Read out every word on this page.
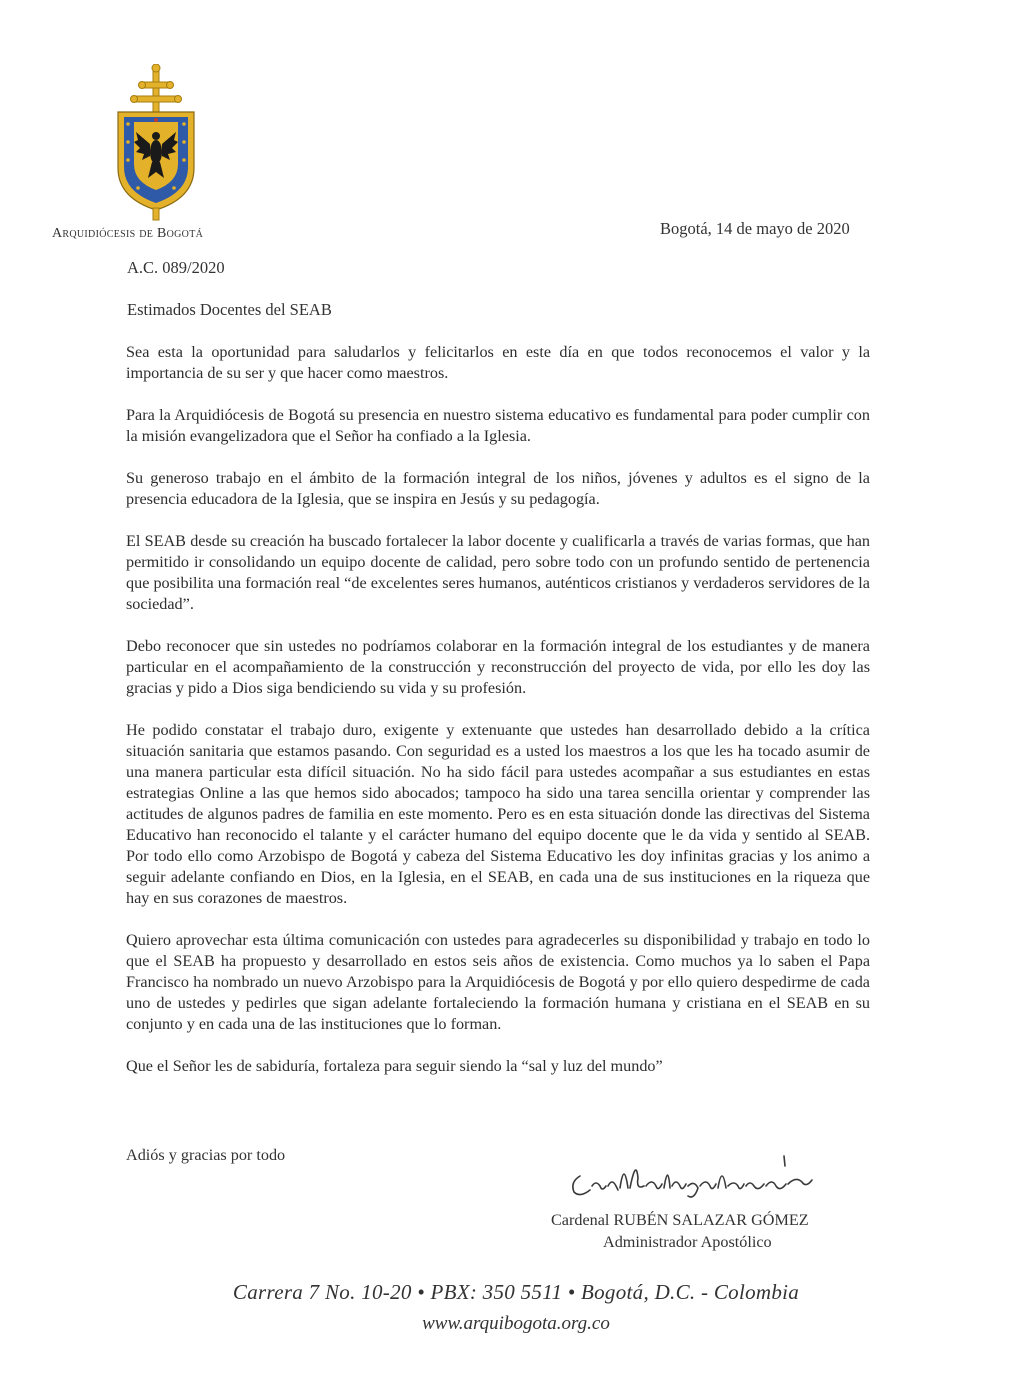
Arquidiócesis de Bogotá	Bogotá, 14 de mayo de 2020
A.C. 089/2020
Estimados Docentes del SEAB

Sea esta la oportunidad para saludarlos y felicitarlos en este día en que todos reconocemos el valor y la importancia de su ser y que hacer como maestros.

Para la Arquidiócesis de Bogotá su presencia en nuestro sistema educativo es fundamental para poder cumplir con la misión evangelizadora que el Señor ha confiado a la Iglesia.

Su generoso trabajo en el ámbito de la formación integral de los niños, jóvenes y adultos es el signo de la presencia educadora de la Iglesia, que se inspira en Jesús y su pedagogía.

El SEAB desde su creación ha buscado fortalecer la labor docente y cualificarla a través de varias formas, que han permitido ir consolidando un equipo docente de calidad, pero sobre todo con un profundo sentido de pertenencia que posibilita una formación real “de excelentes seres humanos, auténticos cristianos y verdaderos servidores de la sociedad”.

Debo reconocer que sin ustedes no podríamos colaborar en la formación integral de los estudiantes y de manera particular en el acompañamiento de la construcción y reconstrucción del proyecto de vida, por ello les doy las gracias y pido a Dios siga bendiciendo su vida y su profesión.

He podido constatar el trabajo duro, exigente y extenuante que ustedes han desarrollado debido a la crítica situación sanitaria que estamos pasando. Con seguridad es a usted los maestros a los que les ha tocado asumir de una manera particular esta difícil situación. No ha sido fácil para ustedes acompañar a sus estudiantes en estas estrategias Online a las que hemos sido abocados; tampoco ha sido una tarea sencilla orientar y comprender las actitudes de algunos padres de familia en este momento. Pero es en esta situación donde las directivas del Sistema Educativo han reconocido el talante y el carácter humano del equipo docente que le da vida y sentido al SEAB. Por todo ello como Arzobispo de Bogotá y cabeza del Sistema Educativo les doy infinitas gracias y los animo a seguir adelante confiando en Dios, en la Iglesia, en el SEAB, en cada una de sus instituciones en la riqueza que hay en sus corazones de maestros.

Quiero aprovechar esta última comunicación con ustedes para agradecerles su disponibilidad y trabajo en todo lo que el SEAB ha propuesto y desarrollado en estos seis años de existencia. Como muchos ya lo saben el Papa Francisco ha nombrado un nuevo Arzobispo para la Arquidiócesis de Bogotá y por ello quiero despedirme de cada uno de ustedes y pedirles que sigan adelante fortaleciendo la formación humana y cristiana en el SEAB en su conjunto y en cada una de las instituciones que lo forman.

Que el Señor les de sabiduría, fortaleza para seguir siendo la “sal y luz del mundo”

Adiós y gracias por todo
Cardenal RUBÉN SALAZAR GÓMEZ
Administrador Apostólico
Carrera 7 No. 10-20 • PBX: 350 5511 • Bogotá, D.C. - Colombia
www.arquibogota.org.co
